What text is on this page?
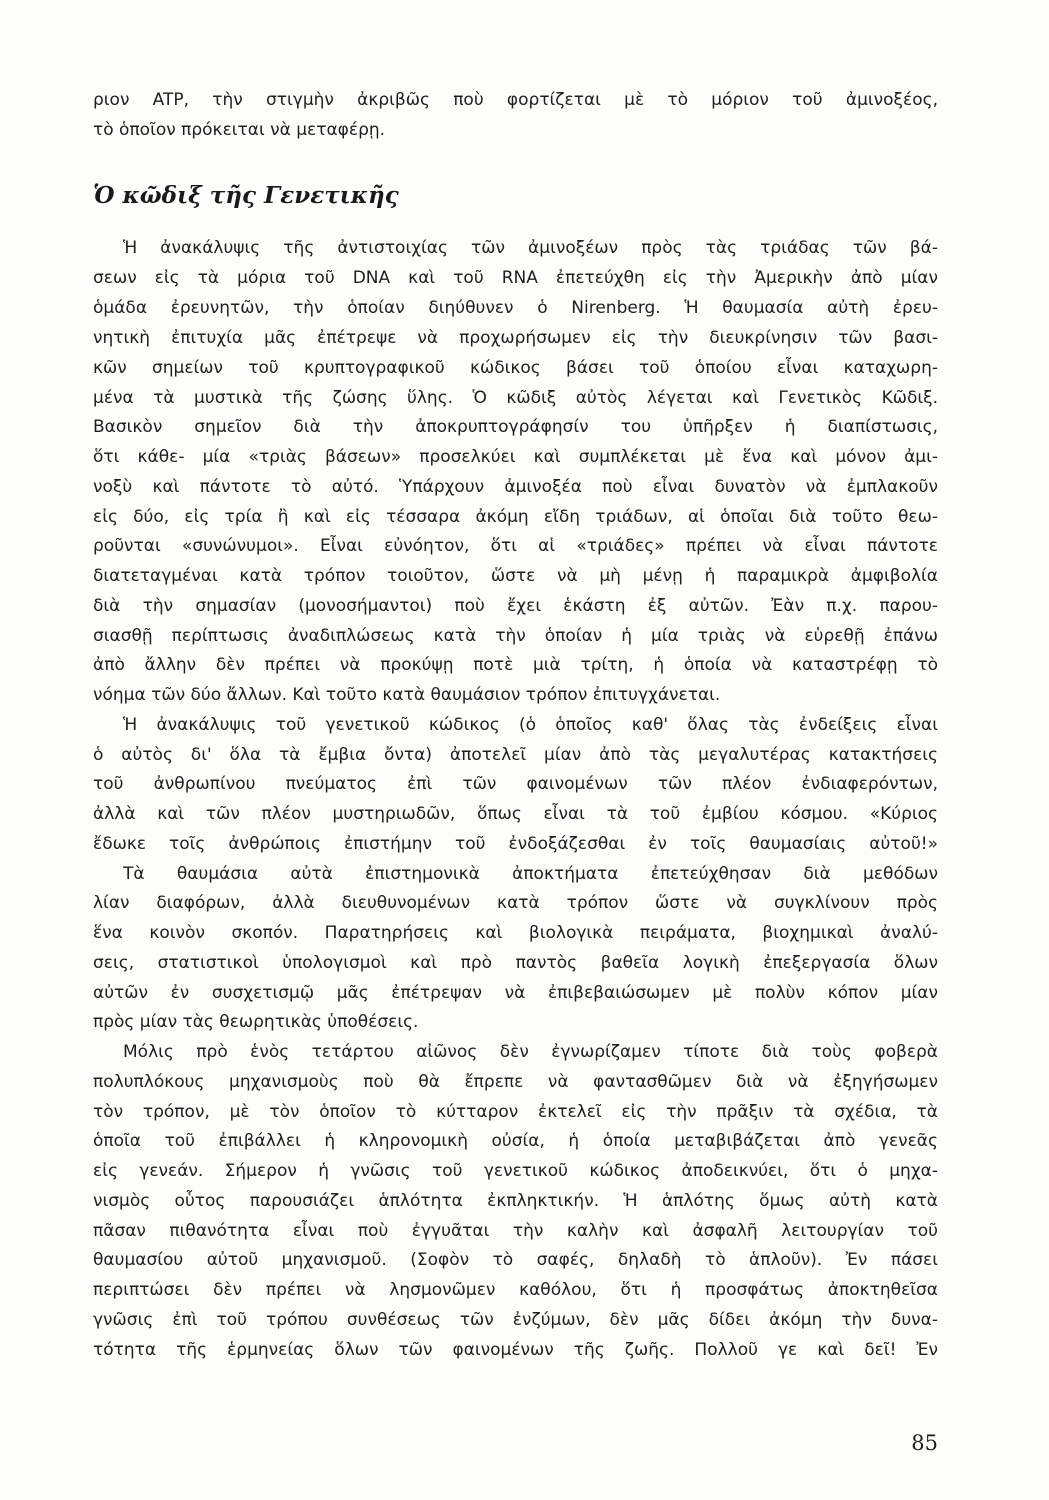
ριον ATP, τὴν στιγμὴν ἀκριβῶς ποὺ φορτίζεται μὲ τὸ μόριον τοῦ ἀμινοξέος,
τὸ ὁποῖον πρόκειται νὰ μεταφέρῃ.
Ὁ κῶδιξ τῆς Γενετικῆς
Ἡ ἀνακάλυψις τῆς ἀντιστοιχίας τῶν ἀμινοξέων πρὸς τὰς τριάδας τῶν βά-
σεων εἰς τὰ μόρια τοῦ DNA καὶ τοῦ RNA ἐπετεύχθη εἰς τὴν Ἀμερικὴν ἀπὸ μίαν
ὁμάδα ἐρευνητῶν, τὴν ὁποίαν διηύθυνεν ὁ Nirenberg. Ἡ θαυμασία αὐτὴ ἐρευ-
νητικὴ ἐπιτυχία μᾶς ἐπέτρεψε νὰ προχωρήσωμεν εἰς τὴν διευκρίνησιν τῶν βασι-
κῶν σημείων τοῦ κρυπτογραφικοῦ κώδικος βάσει τοῦ ὁποίου εἶναι καταχωρη-
μένα τὰ μυστικὰ τῆς ζώσης ὕλης. Ὁ κῶδιξ αὐτὸς λέγεται καὶ Γενετικὸς Κῶδιξ.
Βασικὸν σημεῖον διὰ τὴν ἀποκρυπτογράφησίν του ὑπῆρξεν ἡ διαπίστωσις,
ὅτι κάθε- μία «τριὰς βάσεων» προσελκύει καὶ συμπλέκεται μὲ ἕνα καὶ μόνον ἀμι-
νοξὺ καὶ πάντοτε τὸ αὐτό. Ὑπάρχουν ἀμινοξέα ποὺ εἶναι δυνατὸν νὰ ἐμπλακοῦν
εἰς δύο, εἰς τρία ἢ καὶ εἰς τέσσαρα ἀκόμη εἴδη τριάδων, αἱ ὁποῖαι διὰ τοῦτο θεω-
ροῦνται «συνώνυμοι». Εἶναι εὐνόητον, ὅτι αἱ «τριάδες» πρέπει νὰ εἶναι πάντοτε
διατεταγμέναι κατὰ τρόπον τοιοῦτον, ὥστε νὰ μὴ μένῃ ἡ παραμικρὰ ἀμφιβολία
διὰ τὴν σημασίαν (μονοσήμαντοι) ποὺ ἔχει ἑκάστη ἐξ αὐτῶν. Ἐὰν π.χ. παρου-
σιασθῇ περίπτωσις ἀναδιπλώσεως κατὰ τὴν ὁποίαν ἡ μία τριὰς νὰ εὑρεθῇ ἐπάνω
ἀπὸ ἄλλην δὲν πρέπει νὰ προκύψῃ ποτὲ μιὰ τρίτη, ἡ ὁποία νὰ καταστρέφῃ τὸ
νόημα τῶν δύο ἄλλων. Καὶ τοῦτο κατὰ θαυμάσιον τρόπον ἐπιτυγχάνεται.
Ἡ ἀνακάλυψις τοῦ γενετικοῦ κώδικος (ὁ ὁποῖος καθ' ὅλας τὰς ἐνδείξεις εἶναι
ὁ αὐτὸς δι' ὅλα τὰ ἔμβια ὄντα) ἀποτελεῖ μίαν ἀπὸ τὰς μεγαλυτέρας κατακτήσεις
τοῦ ἀνθρωπίνου πνεύματος ἐπὶ τῶν φαινομένων τῶν πλέον ἐνδιαφερόντων,
ἀλλὰ καὶ τῶν πλέον μυστηριωδῶν, ὅπως εἶναι τὰ τοῦ ἐμβίου κόσμου. «Κύριος
ἔδωκε τοῖς ἀνθρώποις ἐπιστήμην τοῦ ἐνδοξάζεσθαι ἐν τοῖς θαυμασίαις αὐτοῦ!»
Τὰ θαυμάσια αὐτὰ ἐπιστημονικὰ ἀποκτήματα ἐπετεύχθησαν διὰ μεθόδων
λίαν διαφόρων, ἀλλὰ διευθυνομένων κατὰ τρόπον ὥστε νὰ συγκλίνουν πρὸς
ἕνα κοινὸν σκοπόν. Παρατηρήσεις καὶ βιολογικὰ πειράματα, βιοχημικαὶ ἀναλύ-
σεις, στατιστικοὶ ὑπολογισμοὶ καὶ πρὸ παντὸς βαθεῖα λογικὴ ἐπεξεργασία ὅλων
αὐτῶν ἐν συσχετισμῷ μᾶς ἐπέτρεψαν νὰ ἐπιβεβαιώσωμεν μὲ πολὺν κόπον μίαν
πρὸς μίαν τὰς θεωρητικὰς ὑποθέσεις.
Μόλις πρὸ ἑνὸς τετάρτου αἰῶνος δὲν ἐγνωρίζαμεν τίποτε διὰ τοὺς φοβερὰ
πολυπλόκους μηχανισμοὺς ποὺ θὰ ἔπρεπε νὰ φαντασθῶμεν διὰ νὰ ἐξηγήσωμεν
τὸν τρόπον, μὲ τὸν ὁποῖον τὸ κύτταρον ἐκτελεῖ εἰς τὴν πρᾶξιν τὰ σχέδια, τὰ
ὁποῖα τοῦ ἐπιβάλλει ἡ κληρονομικὴ οὐσία, ἡ ὁποία μεταβιβάζεται ἀπὸ γενεᾶς
εἰς γενεάν. Σήμερον ἡ γνῶσις τοῦ γενετικοῦ κώδικος ἀποδεικνύει, ὅτι ὁ μηχα-
νισμὸς οὗτος παρουσιάζει ἁπλότητα ἐκπληκτικήν. Ἡ ἁπλότης ὅμως αὐτὴ κατὰ
πᾶσαν πιθανότητα εἶναι ποὺ ἐγγυᾶται τὴν καλὴν καὶ ἀσφαλῆ λειτουργίαν τοῦ
θαυμασίου αὐτοῦ μηχανισμοῦ. (Σοφὸν τὸ σαφές, δηλαδὴ τὸ ἁπλοῦν). Ἐν πάσει
περιπτώσει δὲν πρέπει νὰ λησμονῶμεν καθόλου, ὅτι ἡ προσφάτως ἀποκτηθεῖσα
γνῶσις ἐπὶ τοῦ τρόπου συνθέσεως τῶν ἐνζύμων, δὲν μᾶς δίδει ἀκόμη τὴν δυνα-
τότητα τῆς ἑρμηνείας ὅλων τῶν φαινομένων τῆς ζωῆς. Πολλοῦ γε καὶ δεῖ! Ἐν
85
